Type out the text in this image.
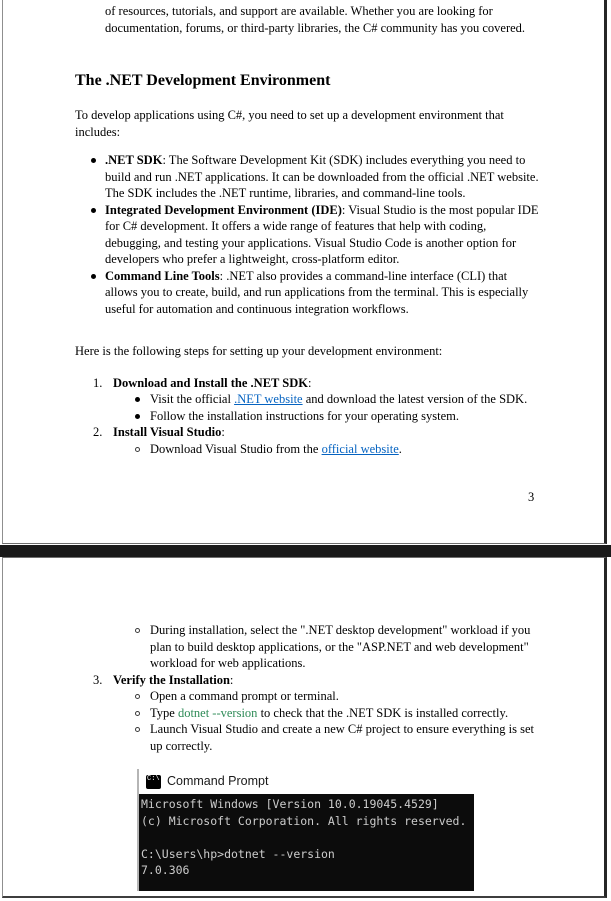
of resources, tutorials, and support are available. Whether you are looking for documentation, forums, or third-party libraries, the C# community has you covered.

The .NET Development Environment

To develop applications using C#, you need to set up a development environment that includes:

.NET SDK: The Software Development Kit (SDK) includes everything you need to build and run .NET applications. It can be downloaded from the official .NET website. The SDK includes the .NET runtime, libraries, and command-line tools.
Integrated Development Environment (IDE): Visual Studio is the most popular IDE for C# development. It offers a wide range of features that help with coding, debugging, and testing your applications. Visual Studio Code is another option for developers who prefer a lightweight, cross-platform editor.
Command Line Tools: .NET also provides a command-line interface (CLI) that allows you to create, build, and run applications from the terminal. This is especially useful for automation and continuous integration workflows.

Here is the following steps for setting up your development environment:

1. Download and Install the .NET SDK:
Visit the official .NET website and download the latest version of the SDK.
Follow the installation instructions for your operating system.
2. Install Visual Studio:
Download Visual Studio from the official website.
3
During installation, select the ".NET desktop development" workload if you plan to build desktop applications, or the "ASP.NET and web development" workload for web applications.
3. Verify the Installation:
Open a command prompt or terminal.
Type dotnet --version to check that the .NET SDK is installed correctly.
Launch Visual Studio and create a new C# project to ensure everything is set up correctly.
C:\ Command Prompt
Microsoft Windows [Version 10.0.19045.4529]
(c) Microsoft Corporation. All rights reserved.
C:\Users\hp>dotnet --version
7.0.306
